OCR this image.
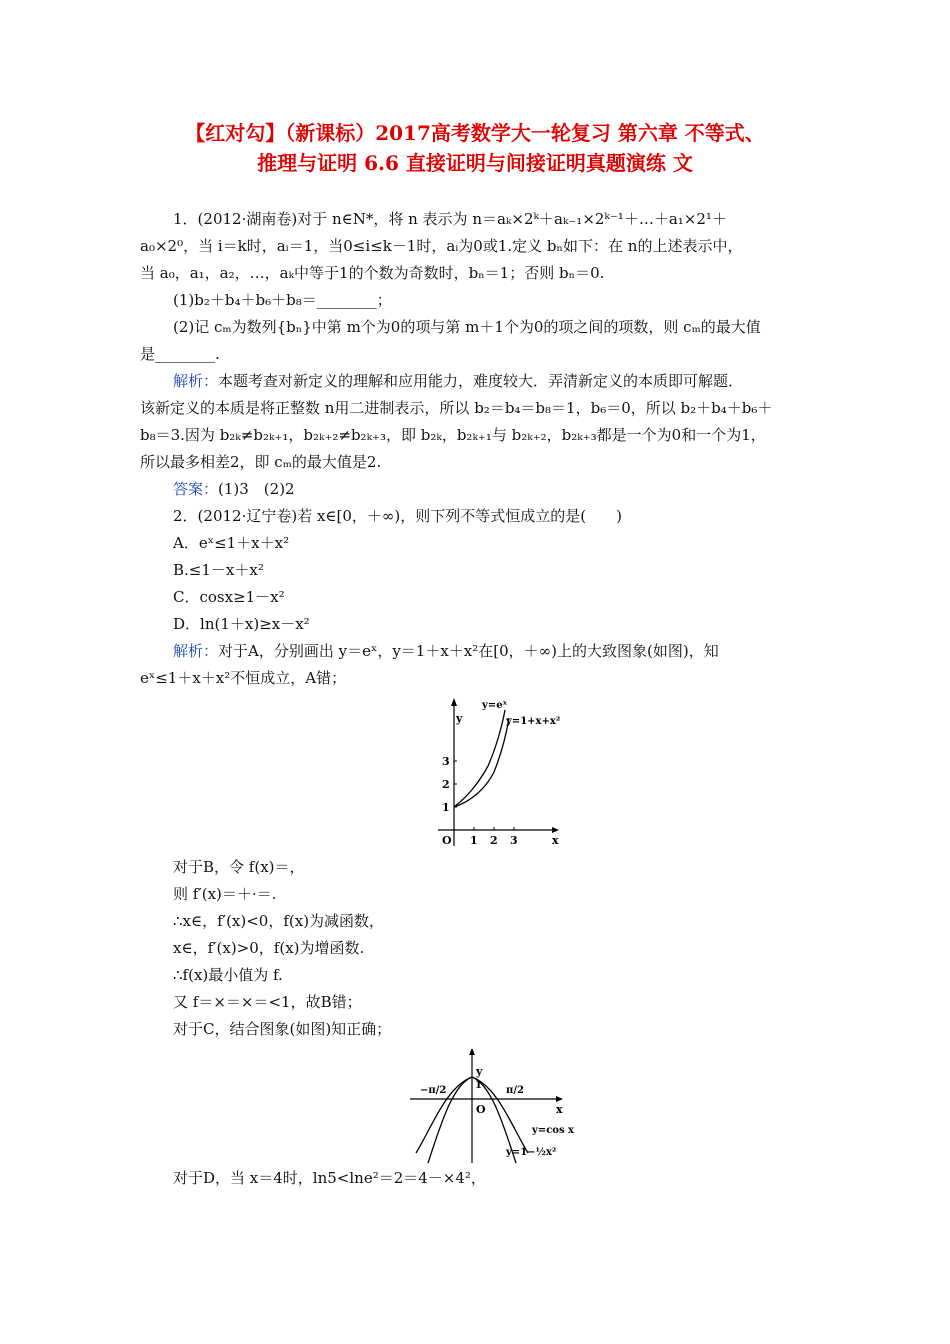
【红对勾】（新课标）2017高考数学大一轮复习 第六章 不等式、
推理与证明 6.6 直接证明与间接证明真题演练 文
1．(2012·湖南卷)对于 n∈N*，将 n 表示为 n＝aₖ×2ᵏ＋aₖ₋₁×2ᵏ⁻¹＋…＋a₁×2¹＋
a₀×2⁰，当 i＝k时，aᵢ＝1，当0≤i≤k－1时，aᵢ为0或1.定义 bₙ如下：在 n的上述表示中，
当 a₀，a₁，a₂，…，aₖ中等于1的个数为奇数时，bₙ＝1；否则 bₙ＝0.
(1)b₂＋b₄＋b₆＋b₈＝________；
(2)记 cₘ为数列{bₙ}中第 m个为0的项与第 m＋1个为0的项之间的项数，则 cₘ的最大值
是________.
解析：本题考查对新定义的理解和应用能力，难度较大．弄清新定义的本质即可解题．
该新定义的本质是将正整数 n用二进制表示，所以 b₂＝b₄＝b₈＝1，b₆＝0，所以 b₂＋b₄＋b₆＋
b₈＝3.因为 b₂ₖ≠b₂ₖ₊₁，b₂ₖ₊₂≠b₂ₖ₊₃，即 b₂ₖ，b₂ₖ₊₁与 b₂ₖ₊₂，b₂ₖ₊₃都是一个为0和一个为1，
所以最多相差2，即 cₘ的最大值是2.
答案：(1)3　(2)2
2．(2012·辽宁卷)若 x∈[0，＋∞)，则下列不等式恒成立的是(　　)
A．eˣ≤1＋x＋x²
B.≤1－x＋x²
C．cosx≥1－x²
D．ln(1＋x)≥x－x²
解析：对于A，分别画出 y＝eˣ，y＝1＋x＋x²在[0，＋∞)上的大致图象(如图)，知
eˣ≤1＋x＋x²不恒成立，A错；
y
x
O 1 2 3
1
2
3
y=eˣ
y=1+x+x²
对于B，令 f(x)＝，
则 f′(x)＝＋·＝.
∴x∈，f′(x)<0，f(x)为减函数，
x∈，f′(x)>0，f(x)为增函数.
∴f(x)最小值为 f.
又 f＝×＝×＝<1，故B错；
对于C，结合图象(如图)知正确；
y
x
O
1
−π/2	π/2
y=cos x
y=1−½x²
对于D，当 x＝4时，ln5<lne²＝2＝4－×4²，
